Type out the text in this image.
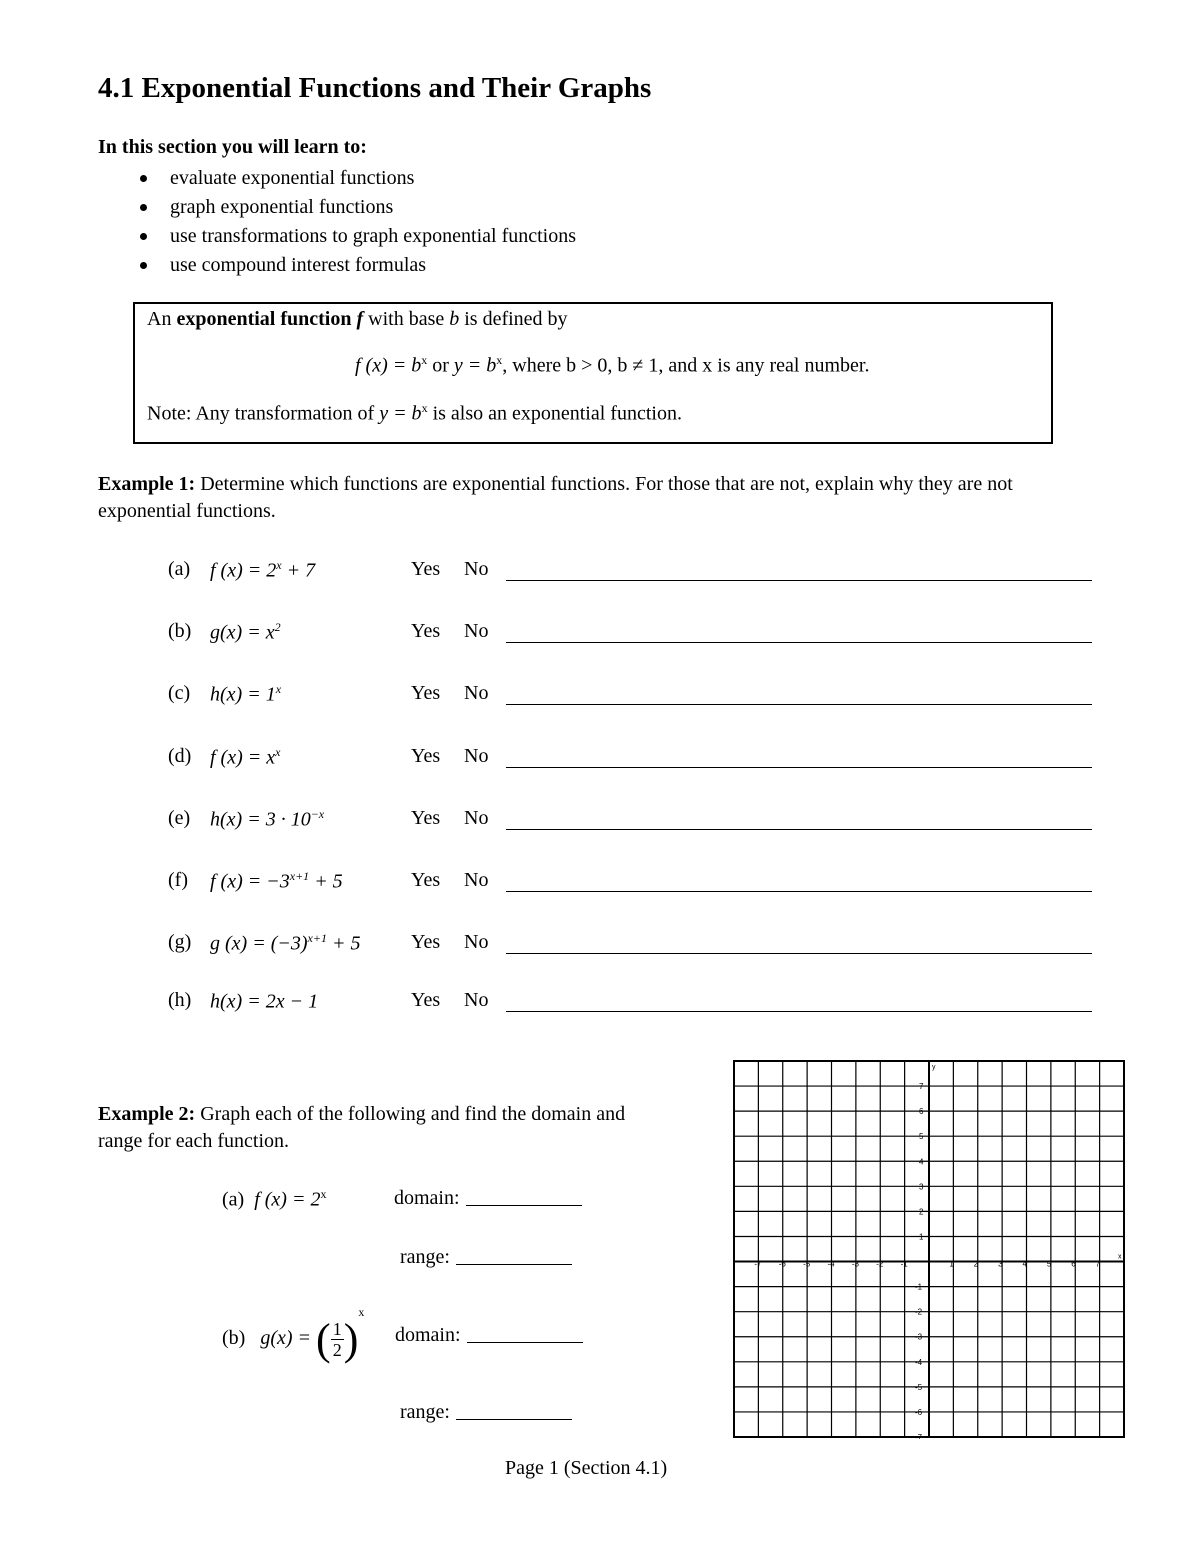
4.1 Exponential Functions and Their Graphs
In this section you will learn to:
evaluate exponential functions
graph exponential functions
use transformations to graph exponential functions
use compound interest formulas
An exponential function f with base b is defined by
f $(x) = b^x$ or $y = b^x$, where b > 0, b ≠ 1, and x is any real number.
Note: Any transformation of $y = b^x$ is also an exponential function.
Example 1: Determine which functions are exponential functions. For those that are not, explain why they are not exponential functions.
(a) f $(x) = 2^x + 7$	Yes No
(b) $g(x) = x^2$	Yes No
(c) $h(x) = 1^x$	Yes No
(d) f $(x) = x^x$	Yes No
(e) $h(x) = 3 \cdot 10^{-x}$	Yes No
(f) f $(x) = -3^{x+1} + 5$	Yes No
(g) g $(x) = (-3)^{x+1} + 5$	Yes No
(h) h(x) = 2x − 1	Yes No
Example 2: Graph each of the following and find the domain and range for each function.
(a) f $(x) = 2^x$	domain:
range:
(b) g(x) = ( $\frac{1}{2} )^x$
domain:
range:
-7 -6 -5 -4 -3 -2 -1	1 2 3 4 5 6 7
7
6
5
4
3
2
1
-1
-2
-3
-4
-5
-6
-7
x
y
Page 1 (Section 4.1)
